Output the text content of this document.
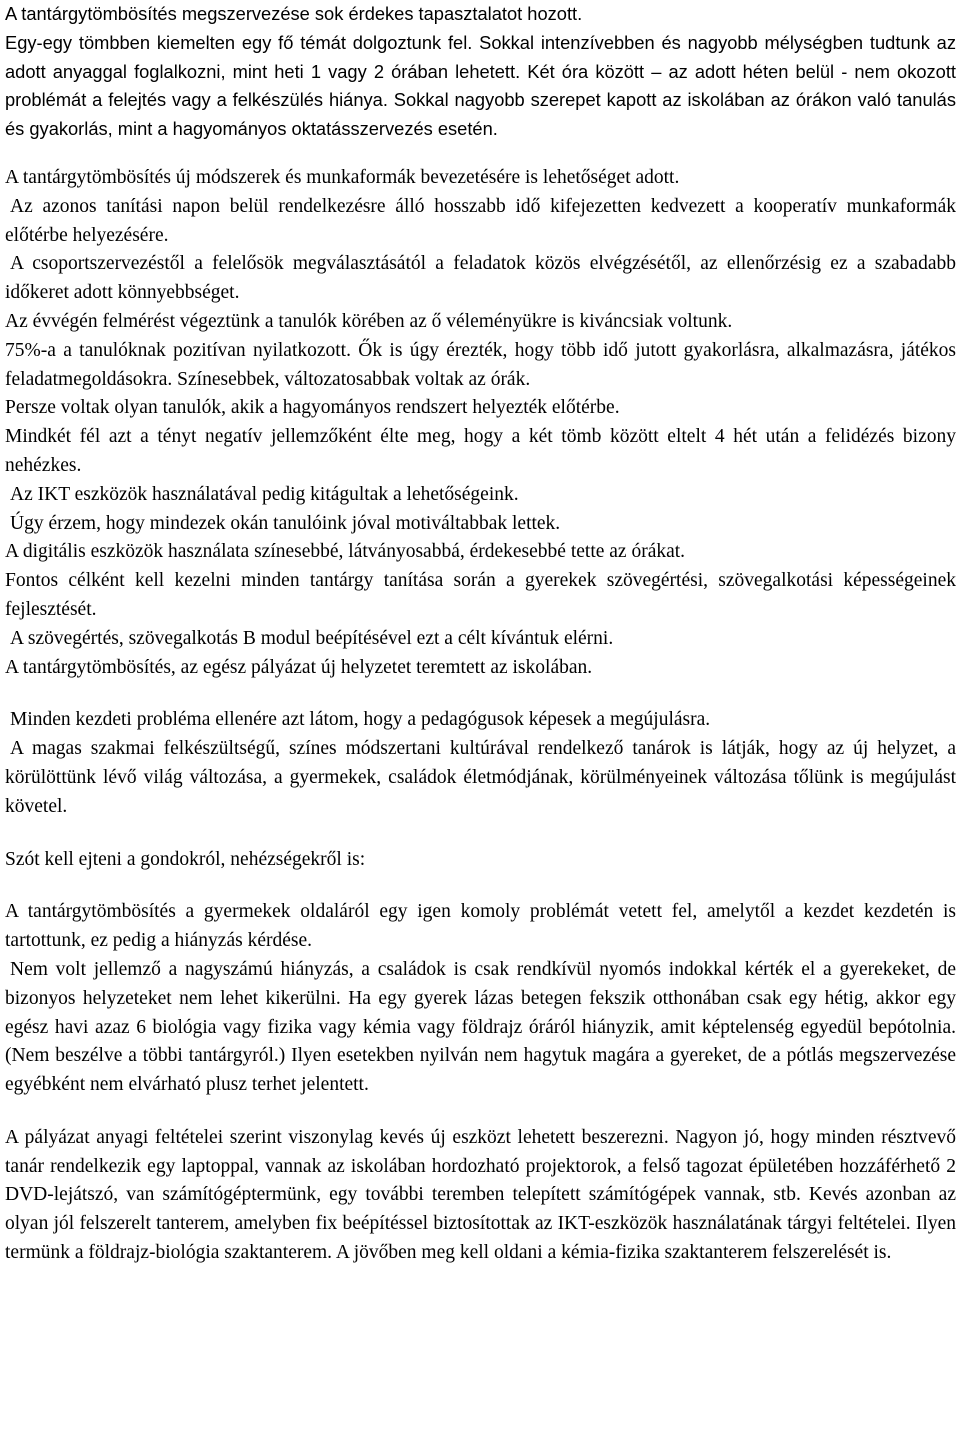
A tantárgytömbösítés megszervezése sok érdekes tapasztalatot hozott.

Egy-egy tömbben kiemelten egy fő témát dolgoztunk fel. Sokkal intenzívebben és nagyobb mélységben tudtunk az adott anyaggal foglalkozni, mint heti 1 vagy 2 órában lehetett. Két óra között – az adott héten belül - nem okozott problémát a felejtés vagy a felkészülés hiánya. Sokkal nagyobb szerepet kapott az iskolában az órákon való tanulás és gyakorlás, mint a hagyományos oktatásszervezés esetén.

A tantárgytömbösítés új módszerek és munkaformák bevezetésére is lehetőséget adott.

Az azonos tanítási napon belül rendelkezésre álló hosszabb idő kifejezetten kedvezett a kooperatív munkaformák előtérbe helyezésére.

A csoportszervezéstől a felelősök megválasztásától a feladatok közös elvégzésétől, az ellenőrzésig ez a szabadabb időkeret adott könnyebbséget.

Az évvégén felmérést végeztünk a tanulók körében az ő véleményükre is kiváncsiak voltunk.

75%-a a tanulóknak pozitívan nyilatkozott. Ők is úgy érezték, hogy több idő jutott gyakorlásra, alkalmazásra, játékos feladatmegoldásokra. Színesebbek, változatosabbak voltak az órák.

Persze voltak olyan tanulók, akik a hagyományos rendszert helyezték előtérbe.

Mindkét fél azt a tényt negatív jellemzőként élte meg, hogy a két tömb között eltelt 4 hét után a felidézés bizony nehézkes.

Az IKT eszközök használatával pedig kitágultak a lehetőségeink.

Úgy érzem, hogy mindezek okán tanulóink jóval motiváltabbak lettek.

A digitális eszközök használata színesebbé, látványosabbá, érdekesebbé tette az órákat.

Fontos célként kell kezelni minden tantárgy tanítása során a gyerekek szövegértési, szövegalkotási képességeinek fejlesztését.

A szövegértés, szövegalkotás B modul beépítésével ezt a célt kívántuk elérni.

A tantárgytömbösítés, az egész pályázat új helyzetet teremtett az iskolában.

Minden kezdeti probléma ellenére azt látom, hogy a pedagógusok képesek a megújulásra.

A magas szakmai felkészültségű, színes módszertani kultúrával rendelkező tanárok is látják, hogy az új helyzet, a körülöttünk lévő világ változása, a gyermekek, családok életmódjának, körülményeinek változása tőlünk is megújulást követel.

Szót kell ejteni a gondokról, nehézségekről is:

A tantárgytömbösítés a gyermekek oldaláról egy igen komoly problémát vetett fel, amelytől a kezdet kezdetén is tartottunk, ez pedig a hiányzás kérdése.

Nem volt jellemző a nagyszámú hiányzás, a családok is csak rendkívül nyomós indokkal kérték el a gyerekeket, de bizonyos helyzeteket nem lehet kikerülni. Ha egy gyerek lázas betegen fekszik otthonában csak egy hétig, akkor egy egész havi azaz 6 biológia vagy fizika vagy kémia vagy földrajz óráról hiányzik, amit képtelenség egyedül bepótolnia. (Nem beszélve a többi tantárgyról.) Ilyen esetekben nyilván nem hagytuk magára a gyereket, de a pótlás megszervezése egyébként nem elvárható plusz terhet jelentett.

A pályázat anyagi feltételei szerint viszonylag kevés új eszközt lehetett beszerezni. Nagyon jó, hogy minden résztvevő tanár rendelkezik egy laptoppal, vannak az iskolában hordozható projektorok, a felső tagozat épületében hozzáférhető 2 DVD-lejátszó, van számítógéptermünk, egy további teremben telepített számítógépek vannak, stb. Kevés azonban az olyan jól felszerelt tanterem, amelyben fix beépítéssel biztosítottak az IKT-eszközök használatának tárgyi feltételei. Ilyen termünk a földrajz-biológia szaktanterem. A jövőben meg kell oldani a kémia-fizika szaktanterem felszerelését is.
